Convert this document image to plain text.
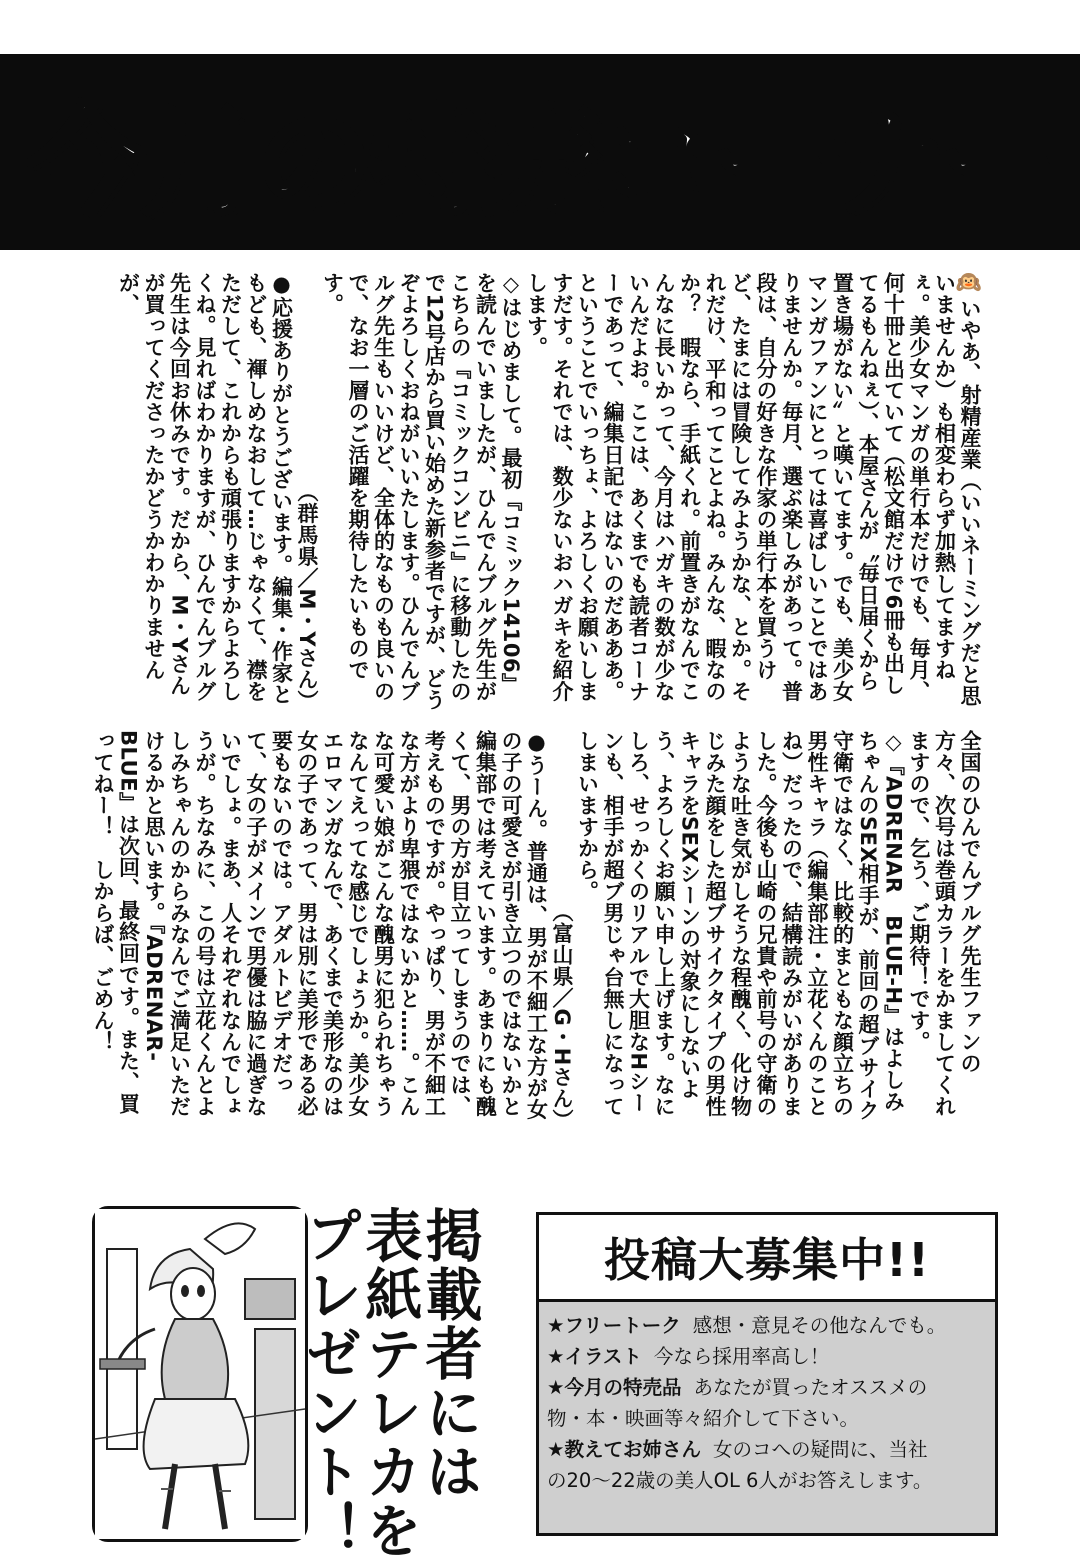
今月の特売コーナー

🙉いやあ、射精産業（いいネーミングだと思いませんか）も相変わらず加熱してますねぇ。美少女マンガの単行本だけでも、毎月、何十冊と出ていて（松文館だけで6冊も出してるもんねぇ）、本屋さんが〝毎日届くから置き場がない〟と嘆いてます。でも、美少女マンガファンにとっては喜ばしいことではありませんか。毎月、選ぶ楽しみがあって。普段は、自分の好きな作家の単行本を買うけど、たまには冒険してみようかな、とか。それだけ、平和ってことよね。みんな、暇なのか？　暇なら、手紙くれ。前置きがなんでこんなに長いかって、今月はハガキの数が少ないんだよお。ここは、あくまでも読者コーナーであって、編集日記ではないのだあああ。ということでいっちょ、よろしくお願いしますだす。それでは、数少ないおハガキを紹介します。

◇はじめまして。最初『コミック14106』を読んでいましたが、ひんでんブルグ先生がこちらの『コミックコンビニ』に移動したので12号店から買い始めた新参者ですが、どうぞよろしくおねがいいたします。ひんでんブルグ先生もいいけど、全体的なものも良いので、なお一層のご活躍を期待したいものです。

（群馬県／M・Yさん）

●応援ありがとうございます。編集・作家ともども、褌しめなおして…じゃなくて、襟をただして、これからも頑張りますからよろしくね。見ればわかりますが、ひんでんブルグ先生は今回お休みです。だから、M・Yさんが買ってくださったかどうかわかりませんが、

全国のひんでんブルグ先生ファンの方々、次号は巻頭カラーをかましてくれますので、乞う、ご期待！です。

◇『ADRENAR　BLUE-H』はよしみちゃんのSEX相手が、前回の超ブサイク守衛ではなく、比較的まともな顔立ちの男性キャラ（編集部注・立花くんのことね）だったので、結構読みがいがありました。今後も山崎の兄貴や前号の守衛のような吐き気がしそうな程醜く、化け物じみた顔をした超ブサイクタイプの男性キャラをSEXシーンの対象にしないよう、よろしくお願い申し上げます。なにしろ、せっかくのリアルで大胆なHシーンも、相手が超ブ男じゃ台無しになってしまいますから。

（富山県／G・Hさん）

●うーん。普通は、男が不細工な方が女の子の可愛さが引き立つのではないかと編集部では考えています。あまりにも醜くて、男の方が目立ってしまうのでは、考えものですが。やっぱり、男が不細工な方がより卑猥ではないかと……。こんな可愛い娘がこんな醜男に犯られちゃうなんてえってな感じでしょうか。美少女エロマンガなんで、あくまで美形なのは女の子であって、男は別に美形である必要もないのでは。アダルトビデオだって、女の子がメインで男優は脇に過ぎないでしょ。まあ、人それぞれなんでしょうが。ちなみに、この号は立花くんとよしみちゃんのからみなんでご満足いただけるかと思います。『ADRENAR-BLUE』は次回、最終回です。また、買ってねー！　しからば、ごめん！

掲載者には
表紙テレカを
プレゼント！	投稿大募集中!!
★フリートーク 感想・意見その他なんでも。
★イラスト 今なら採用率高し！
★今月の特売品 あなたが買ったオススメの
物・本・映画等々紹介して下さい。
★教えてお姉さん 女のコへの疑問に、当社
の20～22歳の美人OL 6人がお答えします。
